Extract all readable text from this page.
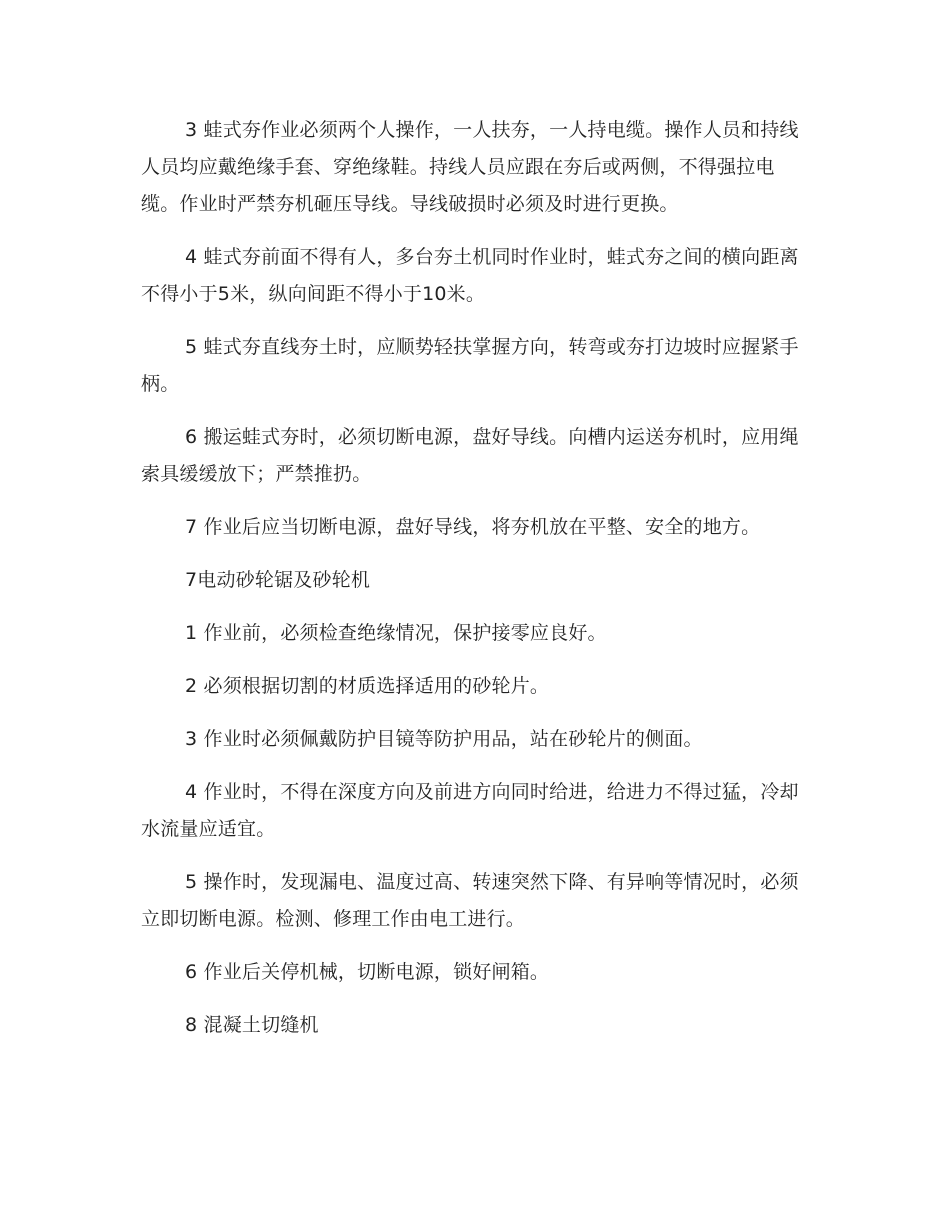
3 蛙式夯作业必须两个人操作，一人扶夯，一人持电缆。操作人员和持线人员均应戴绝缘手套、穿绝缘鞋。持线人员应跟在夯后或两侧，不得强拉电缆。作业时严禁夯机砸压导线。导线破损时必须及时进行更换。

4 蛙式夯前面不得有人，多台夯土机同时作业时，蛙式夯之间的横向距离不得小于5米，纵向间距不得小于10米。

5 蛙式夯直线夯土时，应顺势轻扶掌握方向，转弯或夯打边坡时应握紧手柄。

6 搬运蛙式夯时，必须切断电源，盘好导线。向槽内运送夯机时，应用绳索具缓缓放下；严禁推扔。

7 作业后应当切断电源，盘好导线，将夯机放在平整、安全的地方。

7电动砂轮锯及砂轮机

1 作业前，必须检查绝缘情况，保护接零应良好。

2 必须根据切割的材质选择适用的砂轮片。

3 作业时必须佩戴防护目镜等防护用品，站在砂轮片的侧面。

4 作业时，不得在深度方向及前进方向同时给进，给进力不得过猛，冷却水流量应适宜。

5 操作时，发现漏电、温度过高、转速突然下降、有异响等情况时，必须立即切断电源。检测、修理工作由电工进行。

6 作业后关停机械，切断电源，锁好闸箱。

8 混凝土切缝机
